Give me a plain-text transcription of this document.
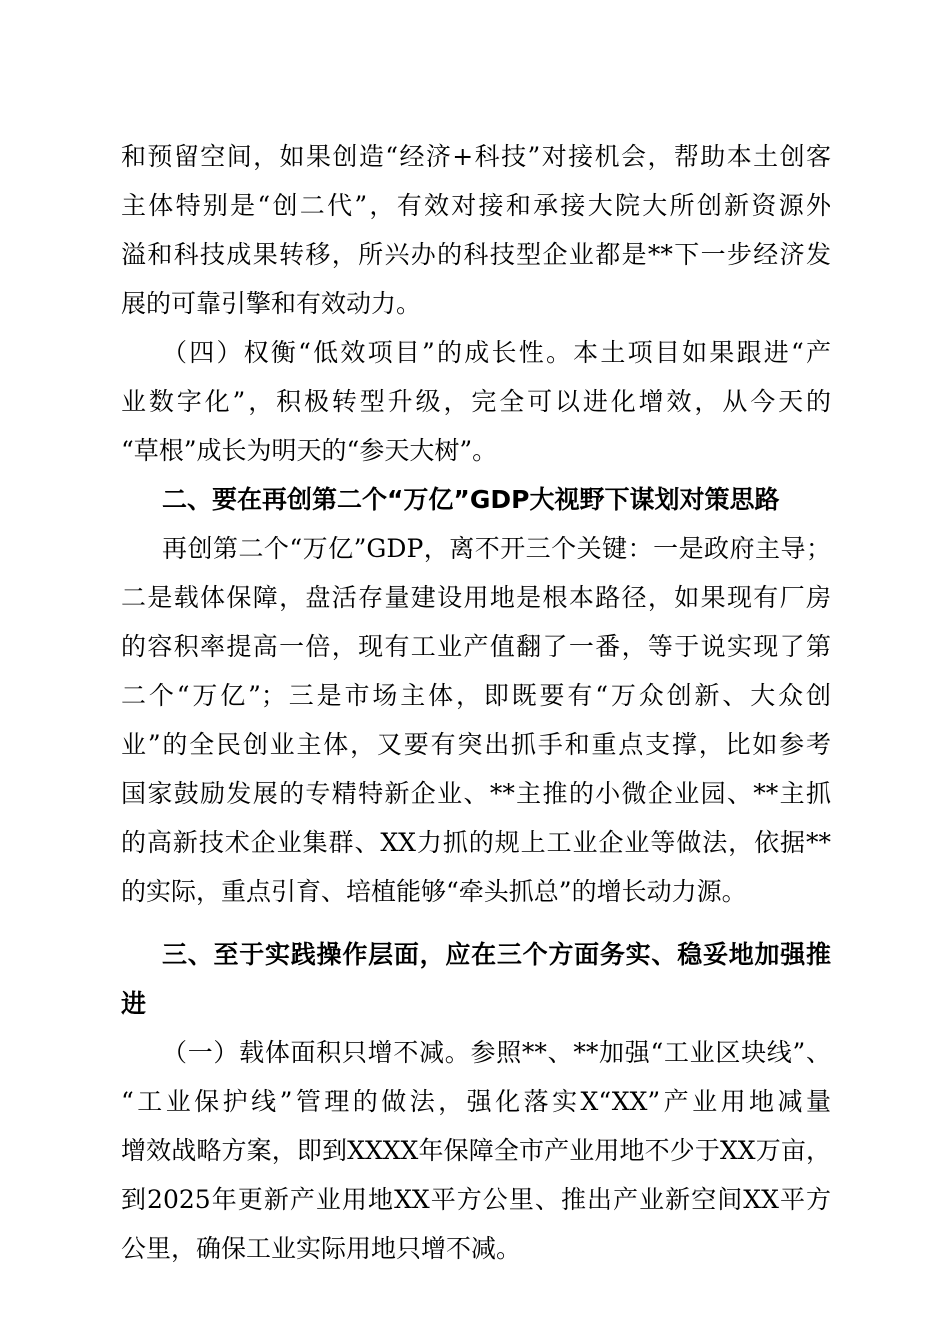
和预留空间，如果创造“经济+科技”对接机会，帮助本土创客

主体特别是“创二代”，有效对接和承接大院大所创新资源外

溢和科技成果转移，所兴办的科技型企业都是**下一步经济发

展的可靠引擎和有效动力。

（四）权衡“低效项目”的成长性。本土项目如果跟进“产

业数字化”，积极转型升级，完全可以进化增效，从今天的

“草根”成长为明天的“参天大树”。

二、要在再创第二个“万亿”GDP大视野下谋划对策思路

再创第二个“万亿”GDP，离不开三个关键：一是政府主导；

二是载体保障，盘活存量建设用地是根本路径，如果现有厂房

的容积率提高一倍，现有工业产值翻了一番，等于说实现了第

二个“万亿”；三是市场主体，即既要有“万众创新、大众创

业”的全民创业主体，又要有突出抓手和重点支撑，比如参考

国家鼓励发展的专精特新企业、**主推的小微企业园、**主抓

的高新技术企业集群、XX力抓的规上工业企业等做法，依据**

的实际，重点引育、培植能够“牵头抓总”的增长动力源。

三、至于实践操作层面，应在三个方面务实、稳妥地加强推

进

（一）载体面积只增不减。参照**、**加强“工业区块线”、

“工业保护线”管理的做法，强化落实X“XX”产业用地减量

增效战略方案，即到XXXX年保障全市产业用地不少于XX万亩，

到2025年更新产业用地XX平方公里、推出产业新空间XX平方

公里，确保工业实际用地只增不减。
